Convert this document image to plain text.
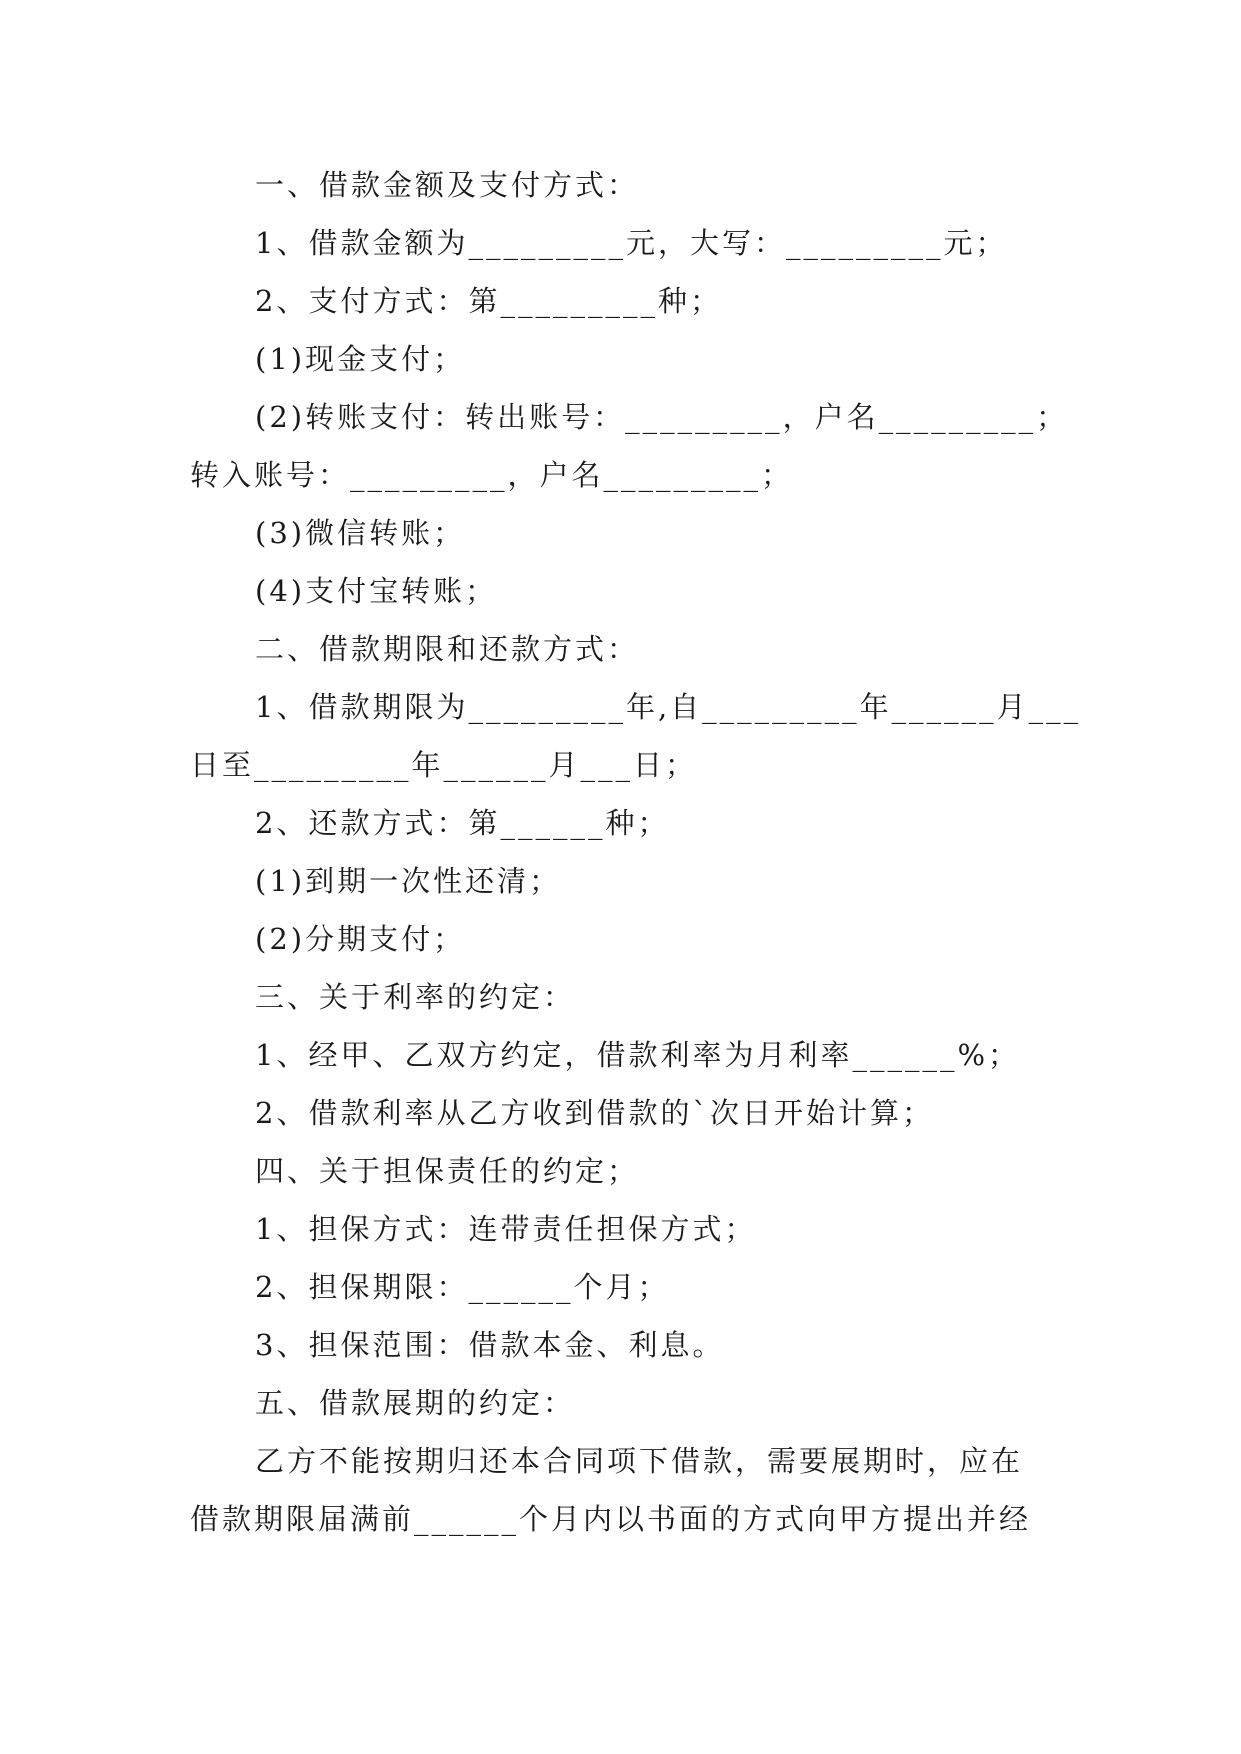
一、借款金额及支付方式：
1、借款金额为_________元，大写：_________元；
2、支付方式：第_________种；
(1)现金支付；
(2)转账支付：转出账号：_________，户名_________；
转入账号：_________，户名_________；
(3)微信转账；
(4)支付宝转账；
二、借款期限和还款方式：
1、借款期限为_________年,自_________年______月___
日至_________年______月___日；
2、还款方式：第______种；
(1)到期一次性还清；
(2)分期支付；
三、关于利率的约定：
1、经甲、乙双方约定，借款利率为月利率______%；
2、借款利率从乙方收到借款的`次日开始计算；
四、关于担保责任的约定；
1、担保方式：连带责任担保方式；
2、担保期限：______个月；
3、担保范围：借款本金、利息。
五、借款展期的约定：
乙方不能按期归还本合同项下借款，需要展期时，应在
借款期限届满前______个月内以书面的方式向甲方提出并经
